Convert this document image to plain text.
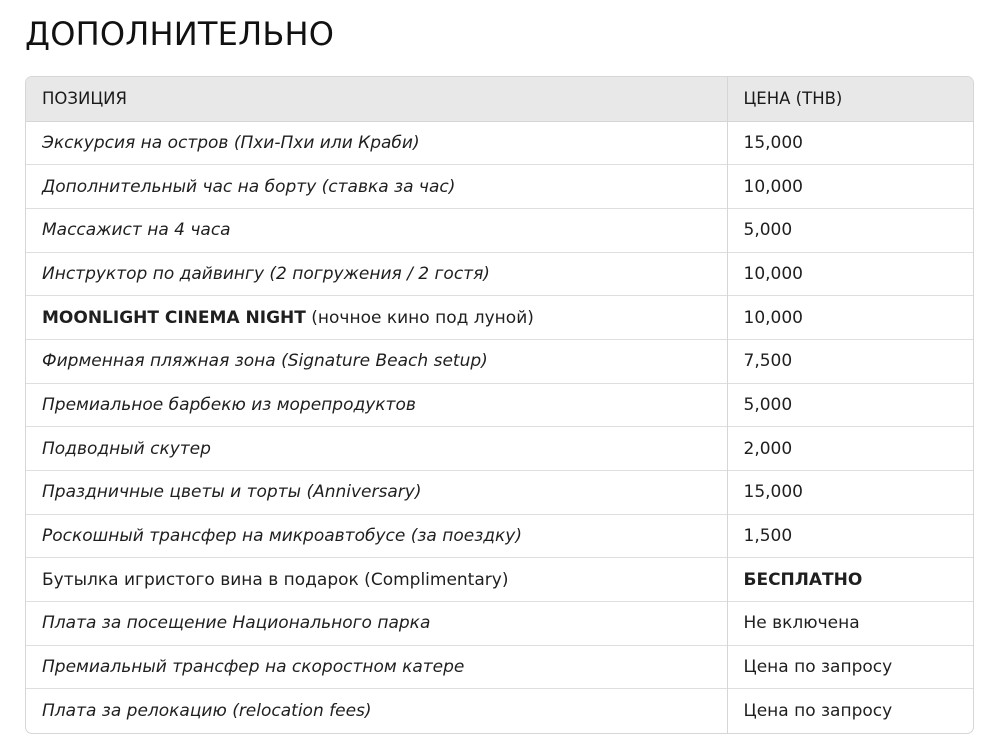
ДОПОЛНИТЕЛЬНО
ПОЗИЦИЯ	ЦЕНА (THB)
Экскурсия на остров (Пхи-Пхи или Краби)	15,000
Дополнительный час на борту (ставка за час)	10,000
Массажист на 4 часа	5,000
Инструктор по дайвингу (2 погружения / 2 гостя)	10,000
MOONLIGHT CINEMA NIGHT (ночное кино под луной)	10,000
Фирменная пляжная зона (Signature Beach setup)	7,500
Премиальное барбекю из морепродуктов	5,000
Подводный скутер	2,000
Праздничные цветы и торты (Anniversary)	15,000
Роскошный трансфер на микроавтобусе (за поездку)	1,500
Бутылка игристого вина в подарок (Complimentary)	БЕСПЛАТНО
Плата за посещение Национального парка	Не включена
Премиальный трансфер на скоростном катере	Цена по запросу
Плата за релокацию (relocation fees)	Цена по запросу
